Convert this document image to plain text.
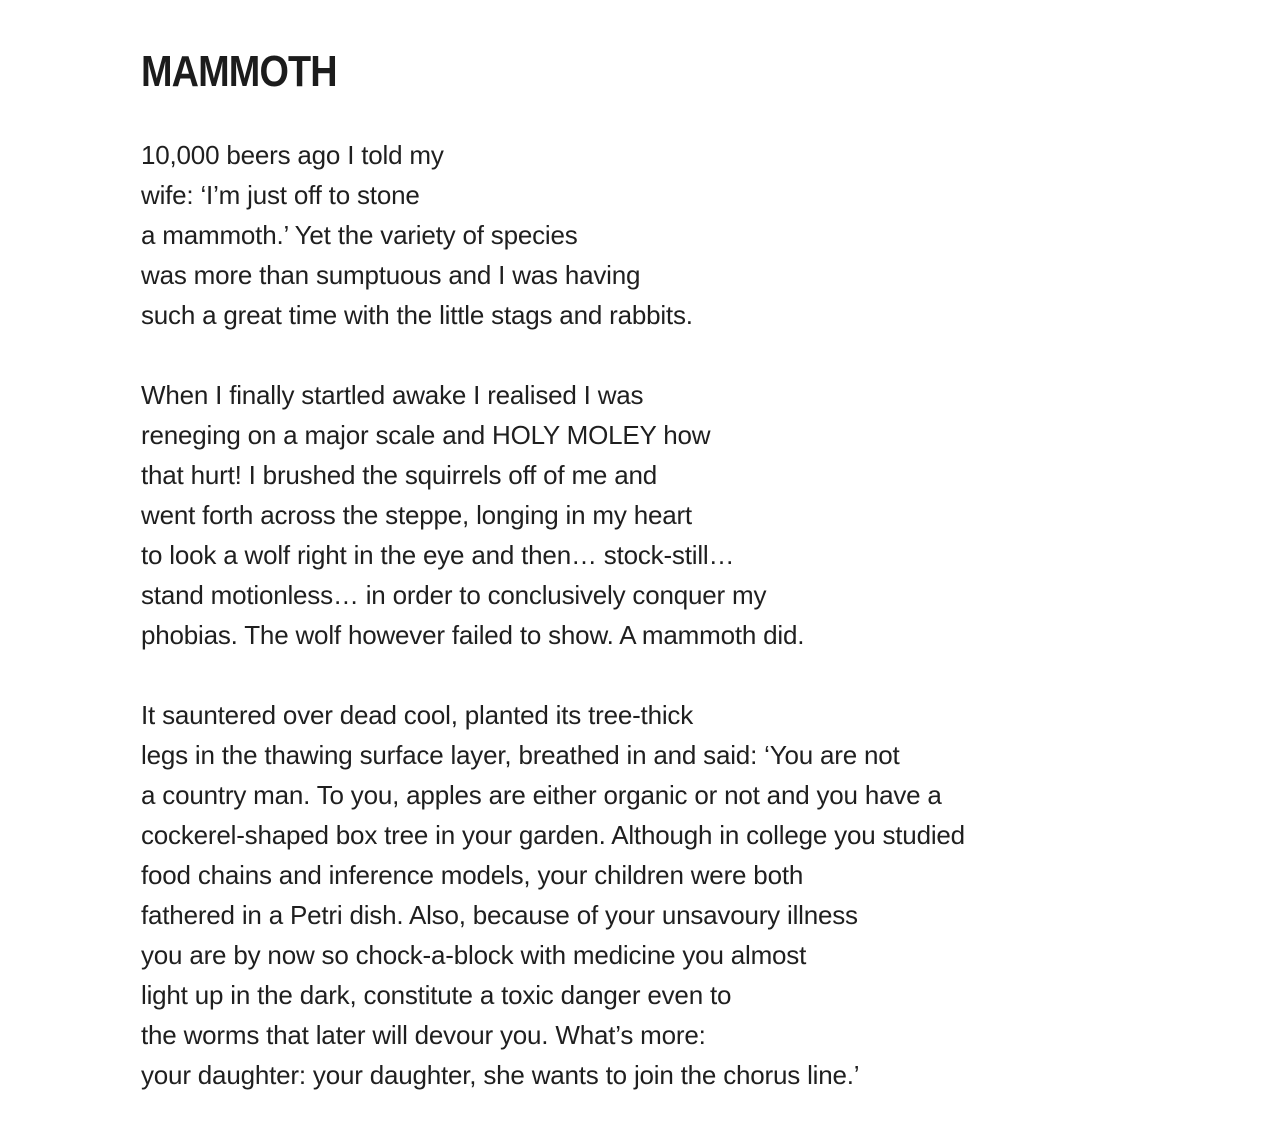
MAMMOTH
10,000 beers ago I told my
wife: ‘I’m just off to stone
a mammoth.’ Yet the variety of species
was more than sumptuous and I was having
such a great time with the little stags and rabbits.
When I finally startled awake I realised I was
reneging on a major scale and HOLY MOLEY how
that hurt! I brushed the squirrels off of me and
went forth across the steppe, longing in my heart
to look a wolf right in the eye and then… stock-still…
stand motionless… in order to conclusively conquer my
phobias. The wolf however failed to show. A mammoth did.
It sauntered over dead cool, planted its tree-thick
legs in the thawing surface layer, breathed in and said: ‘You are not
a country man. To you, apples are either organic or not and you have a
cockerel-shaped box tree in your garden. Although in college you studied
food chains and inference models, your children were both
fathered in a Petri dish. Also, because of your unsavoury illness
you are by now so chock-a-block with medicine you almost
light up in the dark, constitute a toxic danger even to
the worms that later will devour you. What’s more:
your daughter: your daughter, she wants to join the chorus line.’
